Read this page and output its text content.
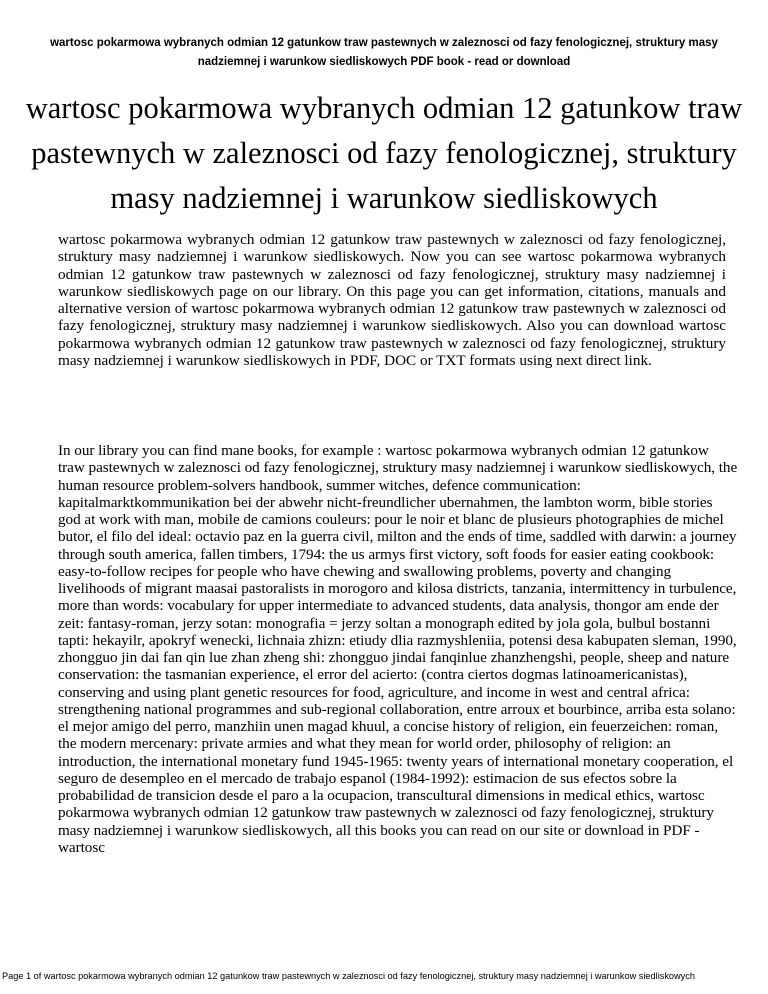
wartosc pokarmowa wybranych odmian 12 gatunkow traw pastewnych w zaleznosci od fazy fenologicznej, struktury masy nadziemnej i warunkow siedliskowych PDF book - read or download
wartosc pokarmowa wybranych odmian 12 gatunkow traw pastewnych w zaleznosci od fazy fenologicznej, struktury masy nadziemnej i warunkow siedliskowych

wartosc pokarmowa wybranych odmian 12 gatunkow traw pastewnych w zaleznosci od fazy fenologicznej, struktury masy nadziemnej i warunkow siedliskowych. Now you can see wartosc pokarmowa wybranych odmian 12 gatunkow traw pastewnych w zaleznosci od fazy fenologicznej, struktury masy nadziemnej i warunkow siedliskowych page on our library. On this page you can get information, citations, manuals and alternative version of wartosc pokarmowa wybranych odmian 12 gatunkow traw pastewnych w zaleznosci od fazy fenologicznej, struktury masy nadziemnej i warunkow siedliskowych. Also you can download wartosc pokarmowa wybranych odmian 12 gatunkow traw pastewnych w zaleznosci od fazy fenologicznej, struktury masy nadziemnej i warunkow siedliskowych in PDF, DOC or TXT formats using next direct link.

In our library you can find mane books, for example : wartosc pokarmowa wybranych odmian 12 gatunkow traw pastewnych w zaleznosci od fazy fenologicznej, struktury masy nadziemnej i warunkow siedliskowych, the human resource problem-solvers handbook, summer witches, defence communication: kapitalmarktkommunikation bei der abwehr nicht-freundlicher ubernahmen, the lambton worm, bible stories god at work with man, mobile de camions couleurs: pour le noir et blanc de plusieurs photographies de michel butor, el filo del ideal: octavio paz en la guerra civil, milton and the ends of time, saddled with darwin: a journey through south america, fallen timbers, 1794: the us armys first victory, soft foods for easier eating cookbook: easy-to-follow recipes for people who have chewing and swallowing problems, poverty and changing livelihoods of migrant maasai pastoralists in morogoro and kilosa districts, tanzania, intermittency in turbulence, more than words: vocabulary for upper intermediate to advanced students, data analysis, thongor am ende der zeit: fantasy-roman, jerzy sotan: monografia = jerzy soltan a monograph edited by jola gola, bulbul bostanni tapti: hekayilr, apokryf wenecki, lichnaia zhizn: etiudy dlia razmyshleniia, potensi desa kabupaten sleman, 1990, zhongguo jin dai fan qin lue zhan zheng shi: zhongguo jindai fanqinlue zhanzhengshi, people, sheep and nature conservation: the tasmanian experience, el error del acierto: (contra ciertos dogmas latinoamericanistas), conserving and using plant genetic resources for food, agriculture, and income in west and central africa: strengthening national programmes and sub-regional collaboration, entre arroux et bourbince, arriba esta solano: el mejor amigo del perro, manzhiin unen magad khuul, a concise history of religion, ein feuerzeichen: roman, the modern mercenary: private armies and what they mean for world order, philosophy of religion: an introduction, the international monetary fund 1945-1965: twenty years of international monetary cooperation, el seguro de desempleo en el mercado de trabajo espanol (1984-1992): estimacion de sus efectos sobre la probabilidad de transicion desde el paro a la ocupacion, transcultural dimensions in medical ethics, wartosc pokarmowa wybranych odmian 12 gatunkow traw pastewnych w zaleznosci od fazy fenologicznej, struktury masy nadziemnej i warunkow siedliskowych, all this books you can read on our site or download in PDF - wartosc

Page 1 of wartosc pokarmowa wybranych odmian 12 gatunkow traw pastewnych w zaleznosci od fazy fenologicznej, struktury masy nadziemnej i warunkow siedliskowych
